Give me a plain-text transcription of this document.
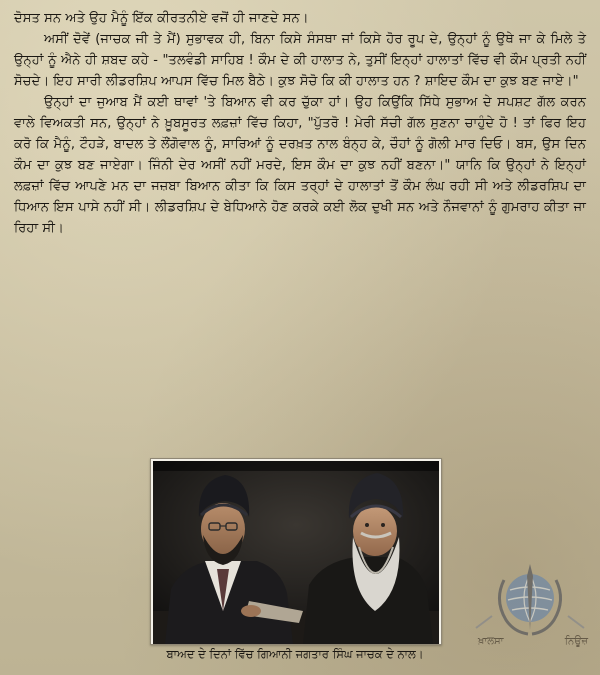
ਦੋਸਤ ਸਨ ਅਤੇ ਉਹ ਮੈਨੂੰ ਇੱਕ ਕੀਰਤਨੀਏ ਵਜੋਂ ਹੀ ਜਾਣਦੇ ਸਨ।

ਅਸੀਂ ਦੋਵੇਂ (ਜਾਚਕ ਜੀ ਤੇ ਮੈਂ) ਸੁਭਾਵਕ ਹੀ, ਬਿਨਾ ਕਿਸੇ ਸੰਸਥਾ ਜਾਂ ਕਿਸੇ ਹੋਰ ਰੂਪ ਦੇ, ਉਨ੍ਹਾਂ ਨੂੰ ਉਥੇ ਜਾ ਕੇ ਮਿਲੇ ਤੇ ਉਨ੍ਹਾਂ ਨੂੰ ਐਨੇ ਹੀ ਸ਼ਬਦ ਕਹੇ - "ਤਲਵੰਡੀ ਸਾਹਿਬ ! ਕੌਮ ਦੇ ਕੀ ਹਾਲਾਤ ਨੇ, ਤੁਸੀਂ ਇਨ੍ਹਾਂ ਹਾਲਾਤਾਂ ਵਿੱਚ ਵੀ ਕੌਮ ਪ੍ਰਤੀ ਨਹੀਂ ਸੋਚਦੇ। ਇਹ ਸਾਰੀ ਲੀਡਰਸ਼ਿਪ ਆਪਸ ਵਿੱਚ ਮਿਲ ਬੈਠੇ। ਕੁਝ ਸੋਚੋ ਕਿ ਕੀ ਹਾਲਾਤ ਹਨ ? ਸ਼ਾਇਦ ਕੌਮ ਦਾ ਕੁਝ ਬਣ ਜਾਏ।"

ਉਨ੍ਹਾਂ ਦਾ ਜੁਆਬ ਮੈਂ ਕਈ ਥਾਵਾਂ 'ਤੇ ਬਿਆਨ ਵੀ ਕਰ ਚੁੱਕਾ ਹਾਂ। ਉਹ ਕਿਉਂਕਿ ਸਿੱਧੇ ਸੁਭਾਅ ਦੇ ਸਪਸ਼ਟ ਗੱਲ ਕਰਨ ਵਾਲੇ ਵਿਅਕਤੀ ਸਨ, ਉਨ੍ਹਾਂ ਨੇ ਖ਼ੂਬਸੂਰਤ ਲਫ਼ਜ਼ਾਂ ਵਿੱਚ ਕਿਹਾ, "ਪੁੱਤਰੋ ! ਮੇਰੀ ਸੱਚੀ ਗੱਲ ਸੁਣਨਾ ਚਾਹੁੰਦੇ ਹੋ ! ਤਾਂ ਫਿਰ ਇਹ ਕਰੋ ਕਿ ਮੈਨੂੰ, ਟੌਹੜੇ, ਬਾਦਲ ਤੇ ਲੌਂਗੋਵਾਲ ਨੂੰ, ਸਾਰਿਆਂ ਨੂੰ ਦਰਖ਼ਤ ਨਾਲ ਬੰਨ੍ਹ ਕੇ, ਚੌਹਾਂ ਨੂੰ ਗੋਲੀ ਮਾਰ ਦਿਓ। ਬਸ, ਉਸ ਦਿਨ ਕੌਮ ਦਾ ਕੁਝ ਬਣ ਜਾਏਗਾ। ਜਿੰਨੀ ਦੇਰ ਅਸੀਂ ਨਹੀਂ ਮਰਦੇ, ਇਸ ਕੌਮ ਦਾ ਕੁਝ ਨਹੀਂ ਬਣਨਾ।" ਯਾਨਿ ਕਿ ਉਨ੍ਹਾਂ ਨੇ ਇਨ੍ਹਾਂ ਲਫ਼ਜ਼ਾਂ ਵਿੱਚ ਆਪਣੇ ਮਨ ਦਾ ਜਜ਼ਬਾ ਬਿਆਨ ਕੀਤਾ ਕਿ ਕਿਸ ਤਰ੍ਹਾਂ ਦੇ ਹਾਲਾਤਾਂ ਤੋਂ ਕੌਮ ਲੰਘ ਰਹੀ ਸੀ ਅਤੇ ਲੀਡਰਸ਼ਿਪ ਦਾ ਧਿਆਨ ਇਸ ਪਾਸੇ ਨਹੀਂ ਸੀ। ਲੀਡਰਸ਼ਿਪ ਦੇ ਬੇਧਿਆਨੇ ਹੋਣ ਕਰਕੇ ਕਈ ਲੋਕ ਦੁਖੀ ਸਨ ਅਤੇ ਨੌਜਵਾਨਾਂ ਨੂੰ ਗੁਮਰਾਹ ਕੀਤਾ ਜਾ ਰਿਹਾ ਸੀ।

ਬਾਅਦ ਦੇ ਦਿਨਾਂ ਵਿੱਚ ਗਿਆਨੀ ਜਗਤਾਰ ਸਿੰਘ ਜਾਚਕ ਦੇ ਨਾਲ।
ਖ਼ਾਲਸਾ	ਨਿਊਜ਼
